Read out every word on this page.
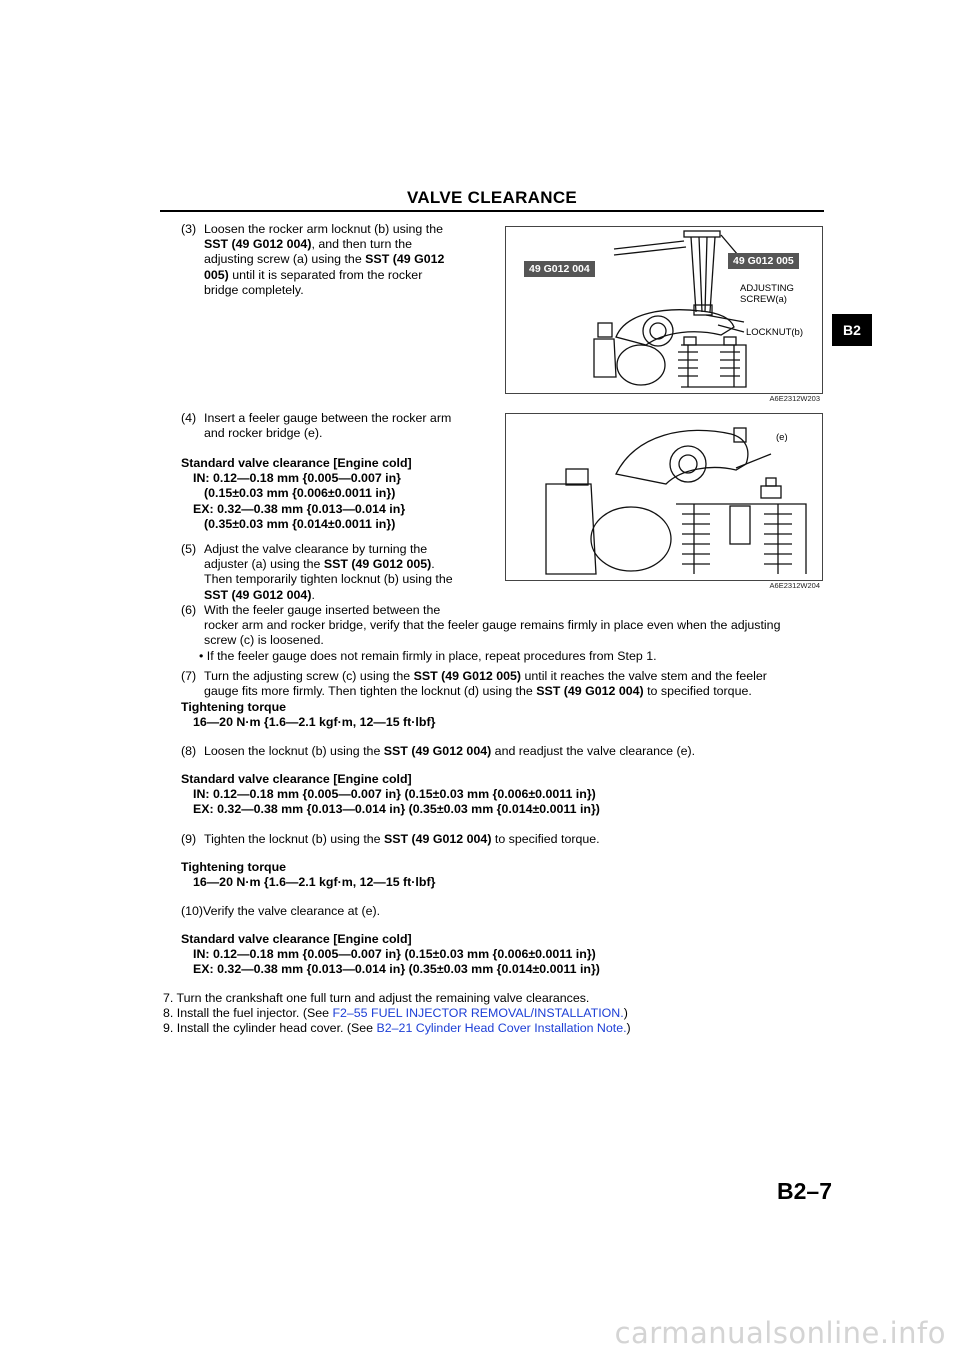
VALVE CLEARANCE
B2
(3) Loosen the rocker arm locknut (b) using the
SST (49 G012 004), and then turn the
adjusting screw (a) using the SST (49 G012
005) until it is separated from the rocker
bridge completely.
49 G012 004
49 G012 005
ADJUSTING
SCREW(a)
LOCKNUT(b)
A6E2312W203
(4) Insert a feeler gauge between the rocker arm
and rocker bridge (e).
Standard valve clearance [Engine cold]
IN: 0.12—0.18 mm {0.005—0.007 in}
(0.15±0.03 mm {0.006±0.0011 in})
EX: 0.32—0.38 mm {0.013—0.014 in}
(0.35±0.03 mm {0.014±0.0011 in})
(e)
A6E2312W204
(5) Adjust the valve clearance by turning the
adjuster (a) using the SST (49 G012 005).
Then temporarily tighten locknut (b) using the
SST (49 G012 004).
(6) With the feeler gauge inserted between the
rocker arm and rocker bridge, verify that the feeler gauge remains firmly in place even when the adjusting
screw (c) is loosened.
• If the feeler gauge does not remain firmly in place, repeat procedures from Step 1.
(7) Turn the adjusting screw (c) using the SST (49 G012 005) until it reaches the valve stem and the feeler
gauge fits more firmly. Then tighten the locknut (d) using the SST (49 G012 004) to specified torque.
Tightening torque
16—20 N·m {1.6—2.1 kgf·m, 12—15 ft·lbf}
(8) Loosen the locknut (b) using the SST (49 G012 004) and readjust the valve clearance (e).
Standard valve clearance [Engine cold]
IN: 0.12—0.18 mm {0.005—0.007 in} (0.15±0.03 mm {0.006±0.0011 in})
EX: 0.32—0.38 mm {0.013—0.014 in} (0.35±0.03 mm {0.014±0.0011 in})
(9) Tighten the locknut (b) using the SST (49 G012 004) to specified torque.
Tightening torque
16—20 N·m {1.6—2.1 kgf·m, 12—15 ft·lbf}
(10)Verify the valve clearance at (e).
Standard valve clearance [Engine cold]
IN: 0.12—0.18 mm {0.005—0.007 in} (0.15±0.03 mm {0.006±0.0011 in})
EX: 0.32—0.38 mm {0.013—0.014 in} (0.35±0.03 mm {0.014±0.0011 in})
7. Turn the crankshaft one full turn and adjust the remaining valve clearances.
8. Install the fuel injector. (See F2–55 FUEL INJECTOR REMOVAL/INSTALLATION.)
9. Install the cylinder head cover. (See B2–21 Cylinder Head Cover Installation Note.)
B2–7
carmanualsonline.info
